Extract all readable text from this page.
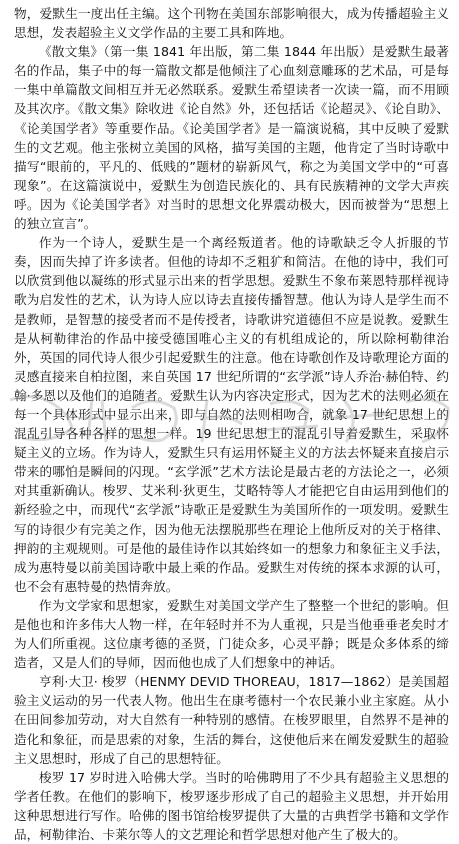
物，爱默生一度出任主编。这个刊物在美国东部影响很大，成为传播超验主义思想，发表超验主义文学作品的主要工具和阵地。

《散文集》（第一集 1841 年出版，第二集 1844 年出版）是爱默生最著名的作品，集子中的每一篇散文都是他倾注了心血刻意雕琢的艺术品，可是每一集中单篇散文间相互并无必然联系。爱默生希望读者一次读一篇，而不用顾及其次序。《散文集》除收进《论自然》外，还包括话《论超灵》、《论自助》、《论美国学者》等重要作品。《论美国学者》是一篇演说稿，其中反映了爱默生的文艺观。他主张树立美国的风格，描写美国的主题，他肯定了当时诗歌中描写“眼前的，平凡的、低贱的”题材的崭新风气，称之为美国文学中的“可喜现象”。在这篇演说中，爱默生为创造民族化的、具有民族精神的文学大声疾呼。因为《论美国学者》对当时的思想文化界震动极大，因而被誉为“思想上的独立宣言”。

作为一个诗人，爱默生是一个离经叛道者。他的诗歌缺乏令人折服的节奏，因而失掉了许多读者。但他的诗却不乏粗犷和简洁。在他的诗中，我们可以欣赏到他以凝练的形式显示出来的哲学思想。爱默生不象布莱恩特那样视诗歌为启发性的艺术，认为诗人应以诗去直接传播智慧。他认为诗人是学生而不是教师，是智慧的接受者而不是传授者，诗歌讲究道德但不应是说教。爱默生是从柯勒律治的作品中接受德国唯心主义的有机组成论的，所以除柯勒律治外，英国的同代诗人很少引起爱默生的注意。他在诗歌创作及诗歌理论方面的灵感直接来自柏拉图，来自英国 17 世纪所谓的“玄学派”诗人乔治·赫伯特、约翰·多恩以及他们的追随者。爱默生认为内容决定形式，因为艺术的法则必须在每一个具体形式中显示出来，即与自然的法则相吻合，就象 17 世纪思想上的混乱引导各种各样的思想一样。19 世纪思想上的混乱引导着爱默生，采取怀疑主义的立场。作为诗人，爱默生只有运用怀疑主义的方法去怀疑来直接启示带来的哪怕是瞬间的闪现。“玄学派”艺术方法论是最古老的方法论之一，必须对其重新确认。梭罗、艾米利·狄更生，艾略特等人才能把它自由运用到他们的新经验之中，而现代“玄学派”诗歌正是爱默生为美国所作的一项发明。爱默生写的诗很少有完美之作，因为他无法摆脱那些在理论上他所反对的关于格律、押韵的主观规则。可是他的最佳诗作以其始终如一的想象力和象征主义手法，成为惠特曼以前美国诗歌中最上乘的作品。爱默生对传统的探本求源的认可，也不会有惠特曼的热情奔放。

作为文学家和思想家，爱默生对美国文学产生了整整一个世纪的影响。但是他也和许多伟大人物一样，在年轻时并不为人重视，只是当他垂垂老矣时才为人们所重视。这位康考德的圣贤，门徒众多，心灵平静；既是众多体系的缔造者，又是人们的导师，因而他也成了人们想象中的神话。

亨利·大卫· 梭罗（HENMY DEVID THOREAU，1817—1862）是美国超验主义运动的另一代表人物。他出生在康考德村一个农民兼小业主家庭。从小在田间参加劳动，对大自然有一种特别的感情。在梭罗眼里，自然界不是神的造化和象征，而是思索的对象，生活的舞台，这使他后来在阐发爱默生的超验主义思想时，形成了自己的思想特征。

梭罗 17 岁时进入哈佛大学。当时的哈佛聘用了不少具有超验主义思想的学者任教。在他们的影响下，梭罗逐步形成了自己的超验主义思想，并开始用这种思想进行写作。哈佛的图书馆给梭罗提供了大量的古典哲学书籍和文学作品，柯勒律治、卡莱尔等人的文艺理论和哲学思想对他产生了极大的。
